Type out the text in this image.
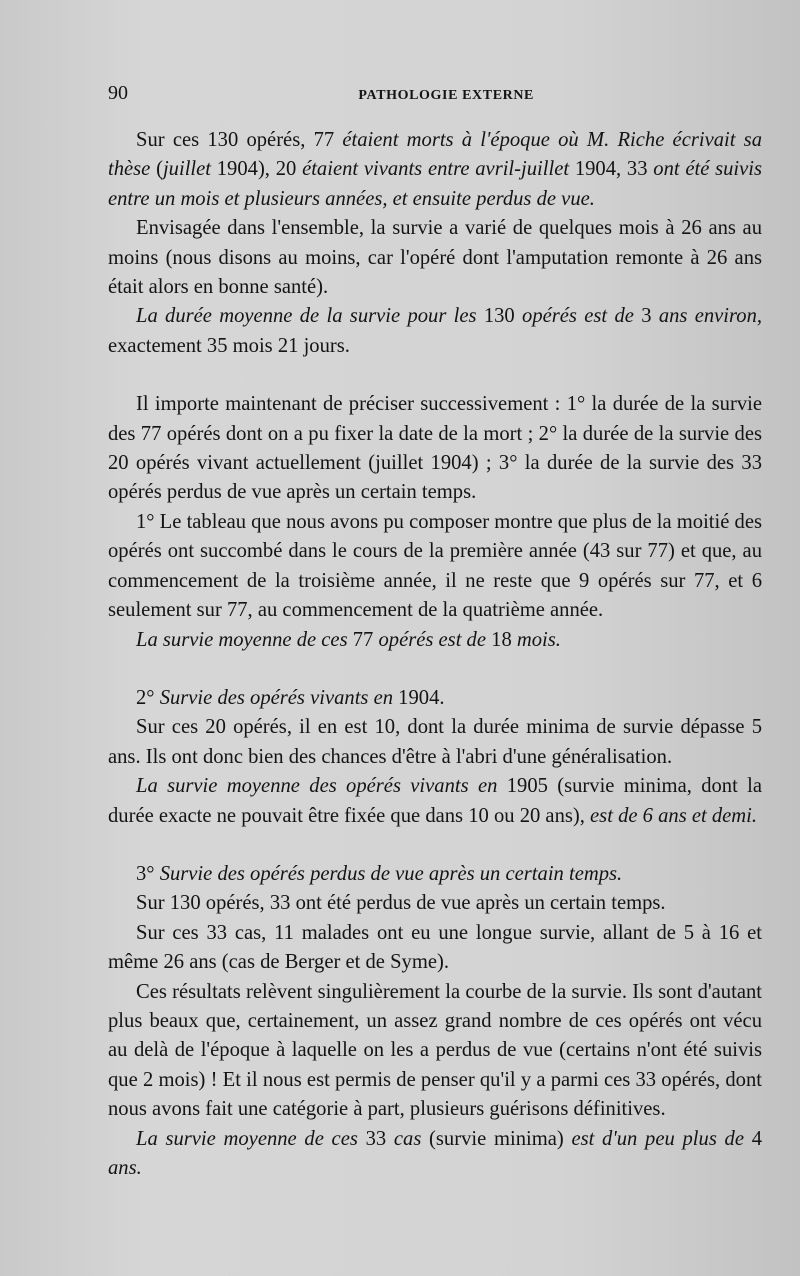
90	PATHOLOGIE EXTERNE

Sur ces 130 opérés, 77 étaient morts à l'époque où M. Riche écrivait sa thèse (juillet 1904), 20 étaient vivants entre avril-juillet 1904, 33 ont été suivis entre un mois et plusieurs années, et ensuite perdus de vue.

Envisagée dans l'ensemble, la survie a varié de quelques mois à 26 ans au moins (nous disons au moins, car l'opéré dont l'amputation remonte à 26 ans était alors en bonne santé).

La durée moyenne de la survie pour les 130 opérés est de 3 ans environ, exactement 35 mois 21 jours.

Il importe maintenant de préciser successivement : 1° la durée de la survie des 77 opérés dont on a pu fixer la date de la mort ; 2° la durée de la survie des 20 opérés vivant actuellement (juillet 1904) ; 3° la durée de la survie des 33 opérés perdus de vue après un certain temps.

1° Le tableau que nous avons pu composer montre que plus de la moitié des opérés ont succombé dans le cours de la première année (43 sur 77) et que, au commencement de la troisième année, il ne reste que 9 opérés sur 77, et 6 seulement sur 77, au commencement de la quatrième année.

La survie moyenne de ces 77 opérés est de 18 mois.

2° Survie des opérés vivants en 1904.

Sur ces 20 opérés, il en est 10, dont la durée minima de survie dépasse 5 ans. Ils ont donc bien des chances d'être à l'abri d'une généralisation.

La survie moyenne des opérés vivants en 1905 (survie minima, dont la durée exacte ne pouvait être fixée que dans 10 ou 20 ans), est de 6 ans et demi.

3° Survie des opérés perdus de vue après un certain temps.

Sur 130 opérés, 33 ont été perdus de vue après un certain temps.

Sur ces 33 cas, 11 malades ont eu une longue survie, allant de 5 à 16 et même 26 ans (cas de Berger et de Syme).

Ces résultats relèvent singulièrement la courbe de la survie. Ils sont d'autant plus beaux que, certainement, un assez grand nombre de ces opérés ont vécu au delà de l'époque à laquelle on les a perdus de vue (certains n'ont été suivis que 2 mois) ! Et il nous est permis de penser qu'il y a parmi ces 33 opérés, dont nous avons fait une catégorie à part, plusieurs guérisons définitives.

La survie moyenne de ces 33 cas (survie minima) est d'un peu plus de 4 ans.
